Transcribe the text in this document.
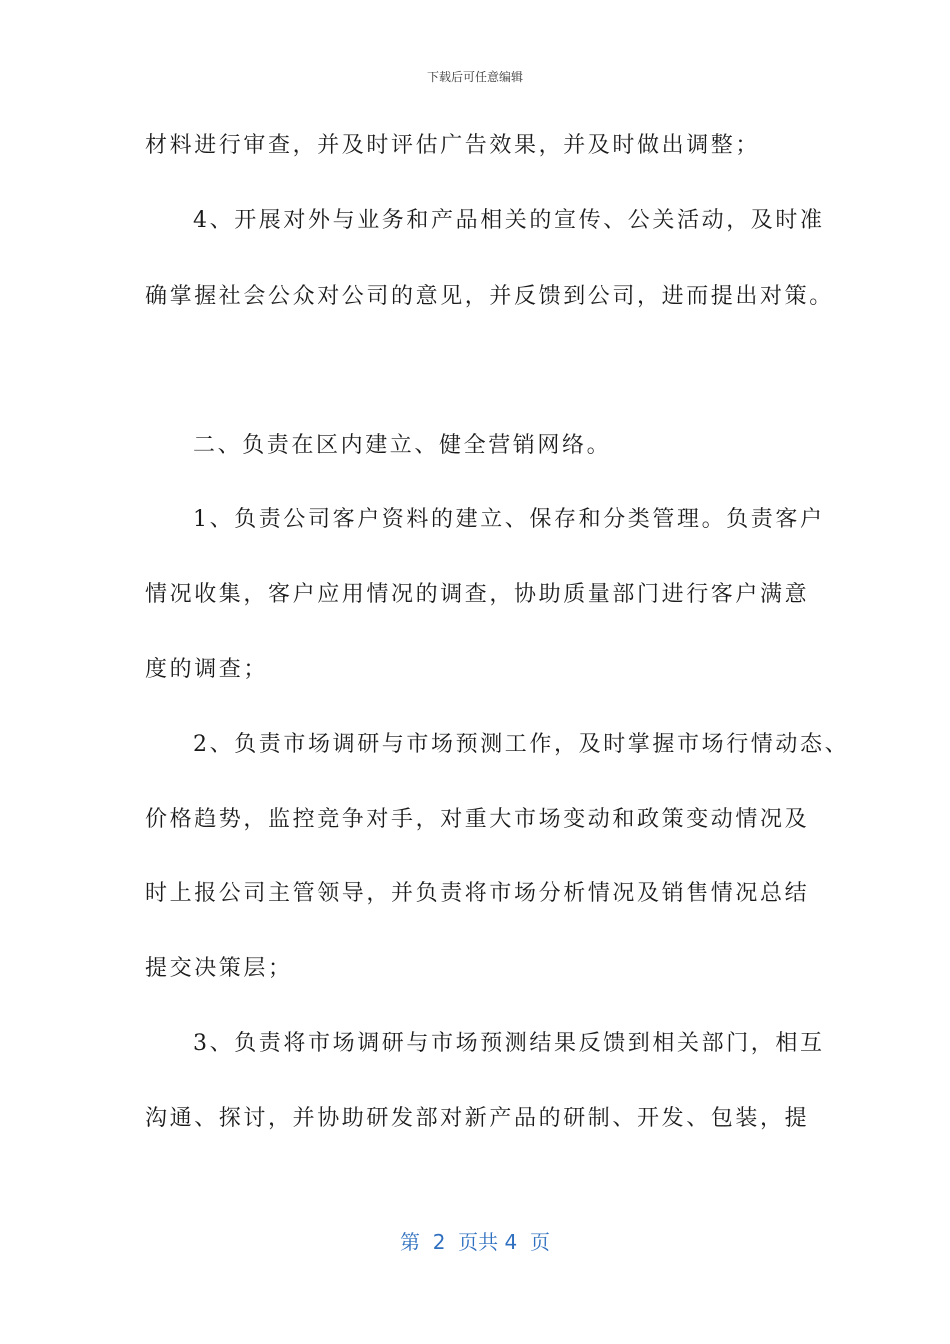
下载后可任意编辑
材料进行审查，并及时评估广告效果，并及时做出调整；
4、开展对外与业务和产品相关的宣传、公关活动，及时准
确掌握社会公众对公司的意见，并反馈到公司，进而提出对策。
二、负责在区内建立、健全营销网络。
1、负责公司客户资料的建立、保存和分类管理。负责客户
情况收集，客户应用情况的调查，协助质量部门进行客户满意
度的调查；
2、负责市场调研与市场预测工作，及时掌握市场行情动态、
价格趋势，监控竞争对手，对重大市场变动和政策变动情况及
时上报公司主管领导，并负责将市场分析情况及销售情况总结
提交决策层；
3、负责将市场调研与市场预测结果反馈到相关部门，相互
沟通、探讨，并协助研发部对新产品的研制、开发、包装，提
第  2  页共 4  页
